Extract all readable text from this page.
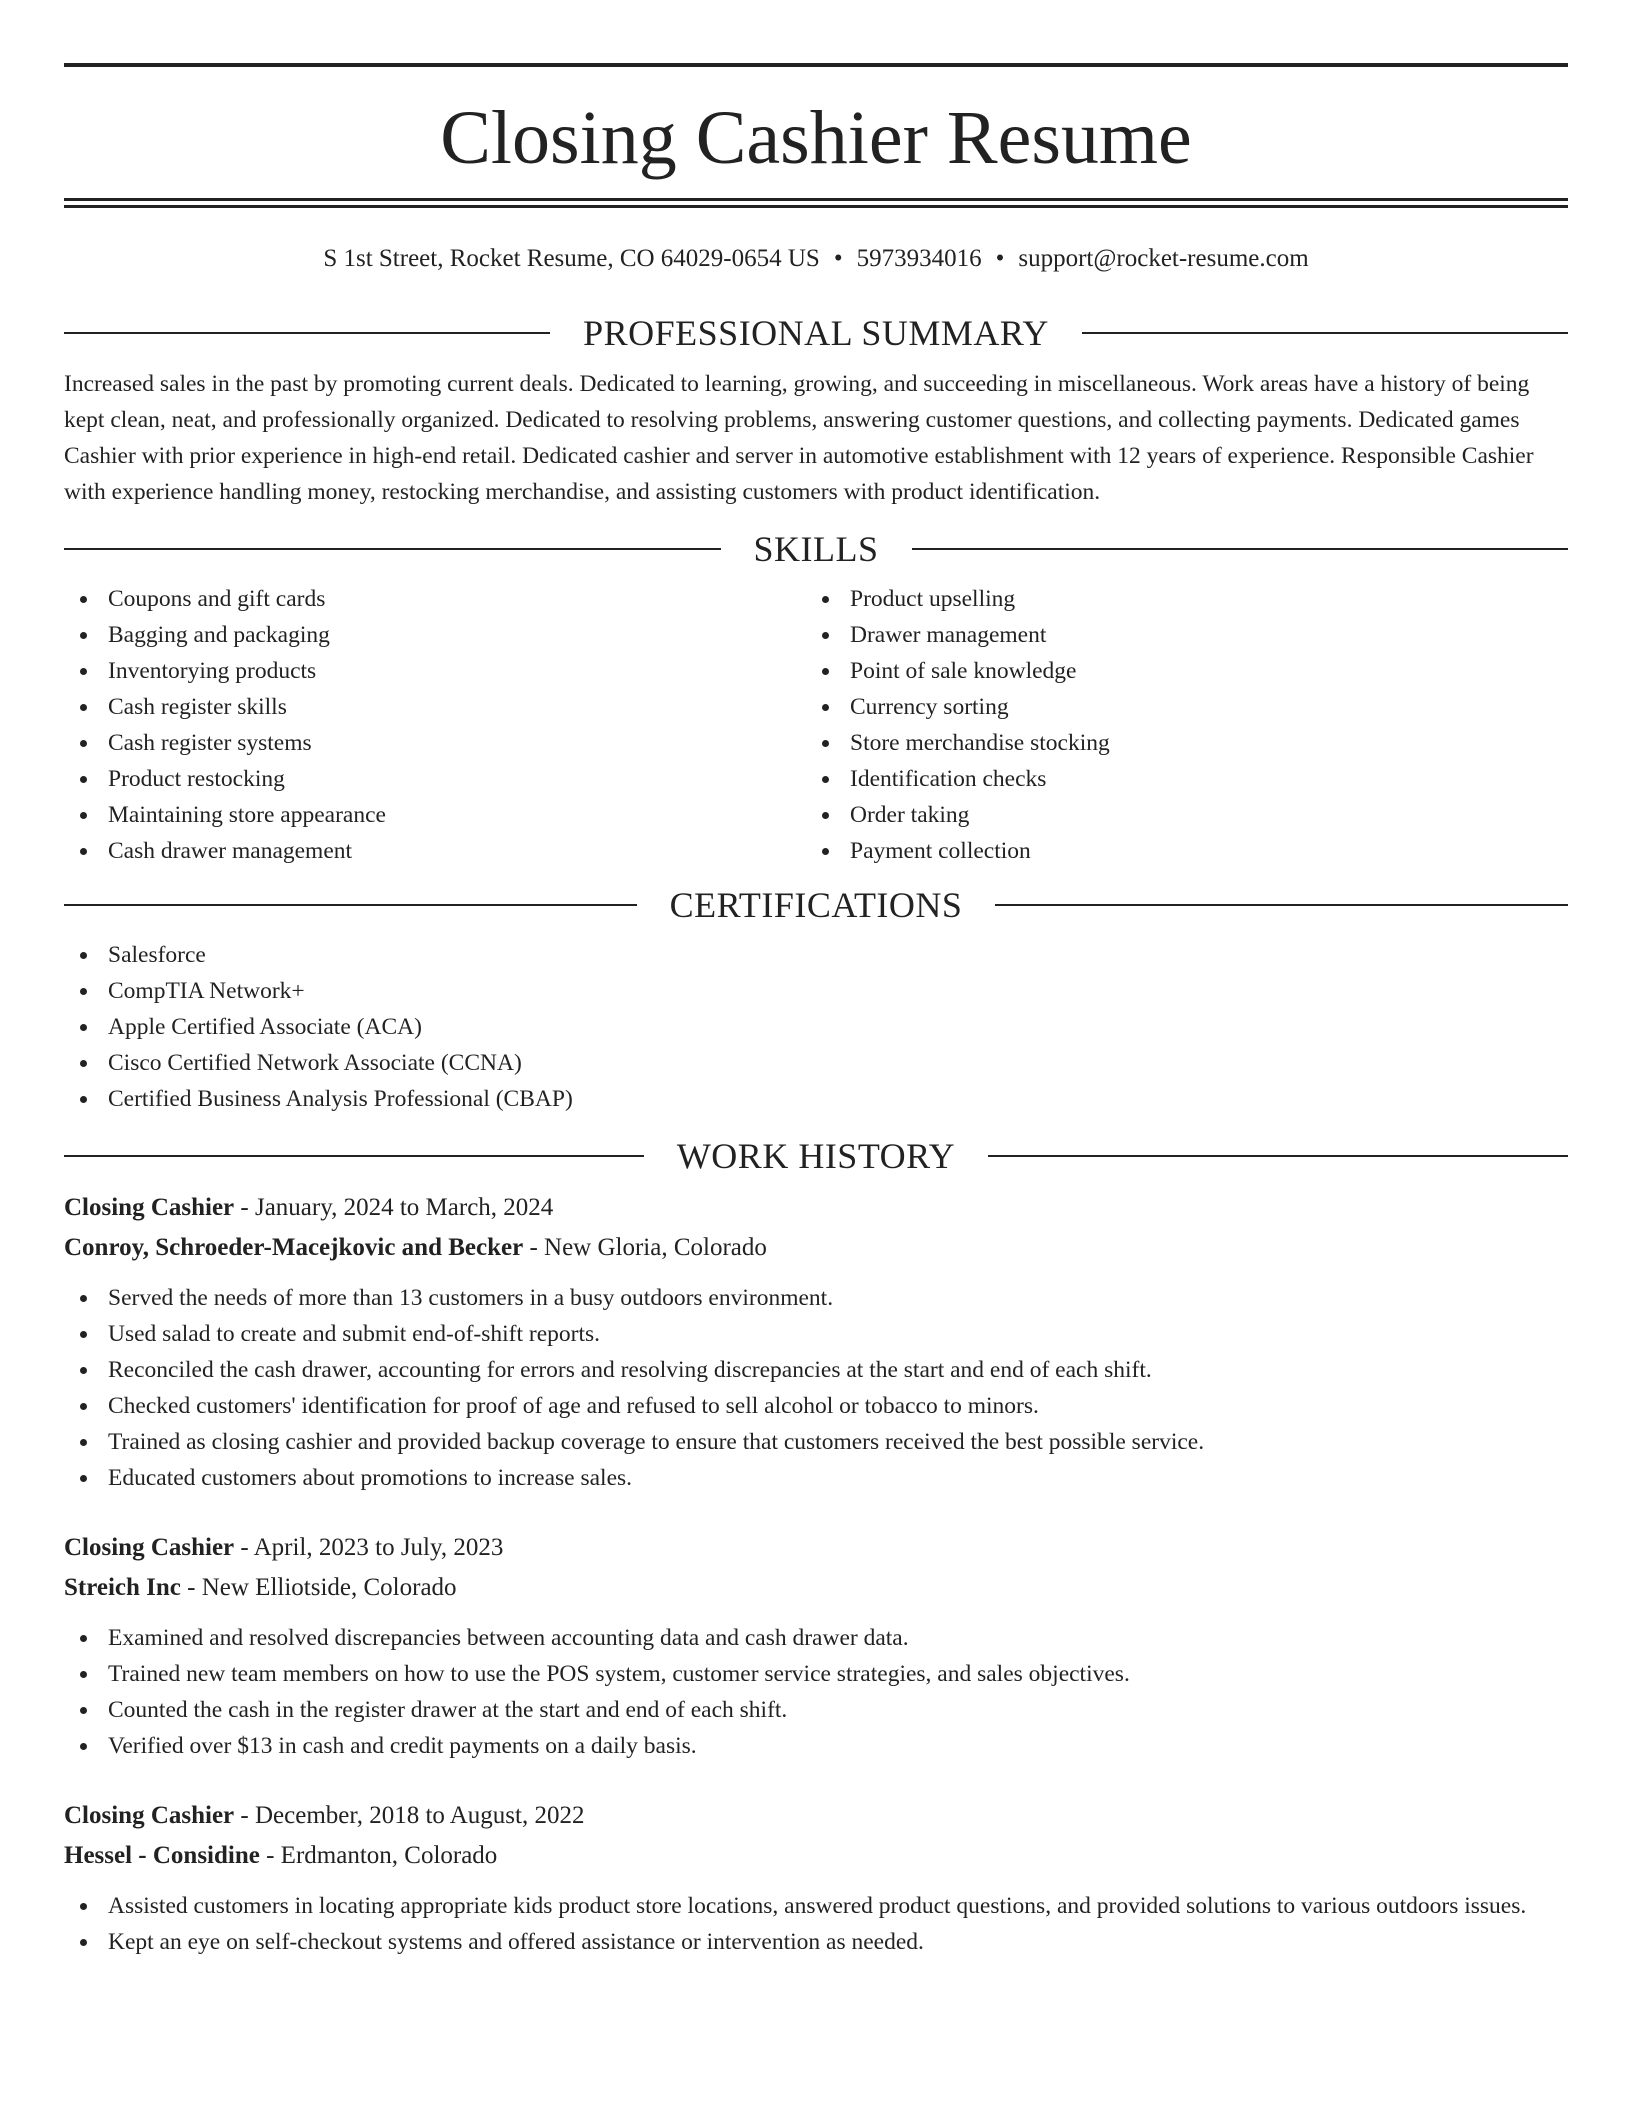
Closing Cashier Resume
S 1st Street, Rocket Resume, CO 64029-0654 US • 5973934016 • support@rocket-resume.com
PROFESSIONAL SUMMARY

Increased sales in the past by promoting current deals. Dedicated to learning, growing, and succeeding in miscellaneous. Work areas have a history of being kept clean, neat, and professionally organized. Dedicated to resolving problems, answering customer questions, and collecting payments. Dedicated games Cashier with prior experience in high-end retail. Dedicated cashier and server in automotive establishment with 12 years of experience. Responsible Cashier with experience handling money, restocking merchandise, and assisting customers with product identification.

SKILLS
Coupons and gift cards
Bagging and packaging
Inventorying products
Cash register skills
Cash register systems
Product restocking
Maintaining store appearance
Cash drawer management
Product upselling
Drawer management
Point of sale knowledge
Currency sorting
Store merchandise stocking
Identification checks
Order taking
Payment collection
CERTIFICATIONS
Salesforce
CompTIA Network+
Apple Certified Associate (ACA)
Cisco Certified Network Associate (CCNA)
Certified Business Analysis Professional (CBAP)
WORK HISTORY
Closing Cashier - January, 2024 to March, 2024
Conroy, Schroeder-Macejkovic and Becker - New Gloria, Colorado
Served the needs of more than 13 customers in a busy outdoors environment.
Used salad to create and submit end-of-shift reports.
Reconciled the cash drawer, accounting for errors and resolving discrepancies at the start and end of each shift.
Checked customers' identification for proof of age and refused to sell alcohol or tobacco to minors.
Trained as closing cashier and provided backup coverage to ensure that customers received the best possible service.
Educated customers about promotions to increase sales.
Closing Cashier - April, 2023 to July, 2023
Streich Inc - New Elliotside, Colorado
Examined and resolved discrepancies between accounting data and cash drawer data.
Trained new team members on how to use the POS system, customer service strategies, and sales objectives.
Counted the cash in the register drawer at the start and end of each shift.
Verified over $13 in cash and credit payments on a daily basis.
Closing Cashier - December, 2018 to August, 2022
Hessel - Considine - Erdmanton, Colorado
Assisted customers in locating appropriate kids product store locations, answered product questions, and provided solutions to various outdoors issues.
Kept an eye on self-checkout systems and offered assistance or intervention as needed.
